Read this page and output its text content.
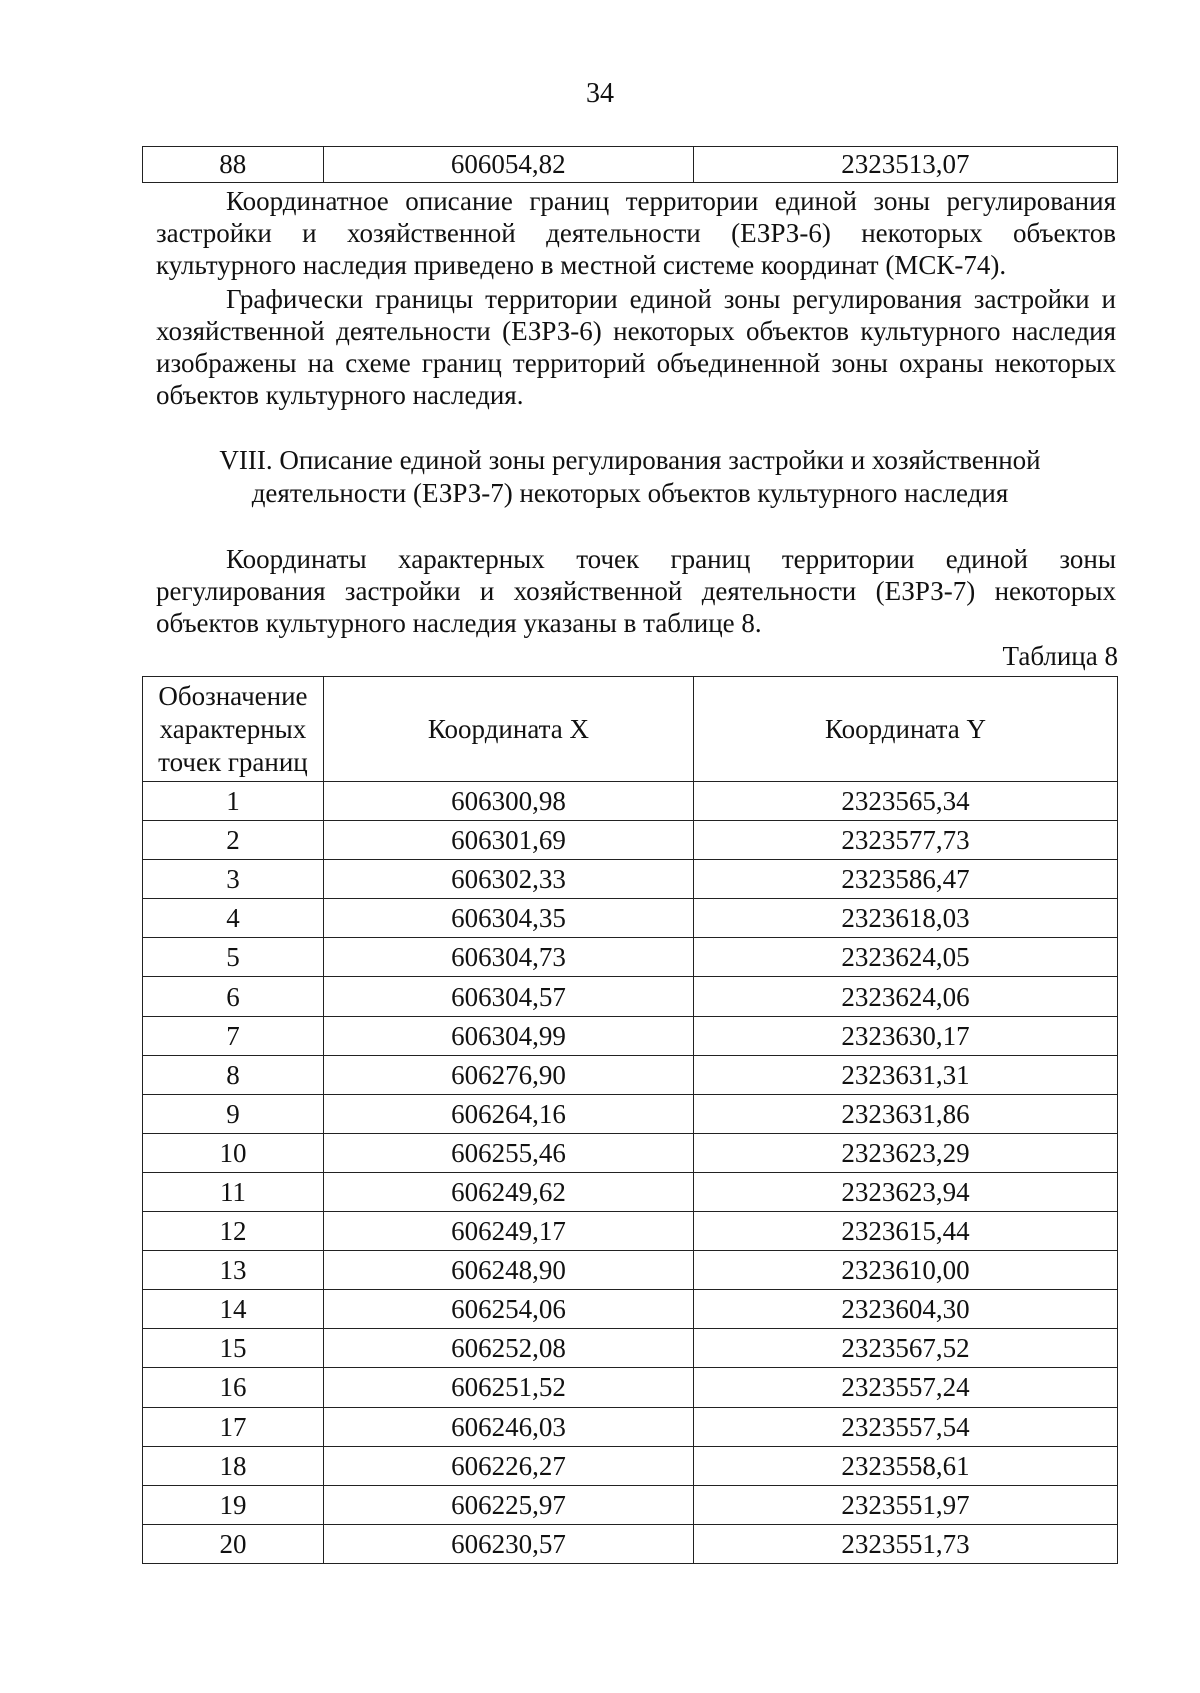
34
88	606054,82	2323513,07

Координатное описание границ территории единой зоны регулирования застройки и хозяйственной деятельности (ЕЗРЗ-6) некоторых объектов культурного наследия приведено в местной системе координат (МСК-74).

Графически границы территории единой зоны регулирования застройки и хозяйственной деятельности (ЕЗРЗ-6) некоторых объектов культурного наследия изображены на схеме границ территорий объединенной зоны охраны некоторых объектов культурного наследия.

VIII. Описание единой зоны регулирования застройки и хозяйственной
деятельности (ЕЗРЗ-7) некоторых объектов культурного наследия

Координаты характерных точек границ территории единой зоны регулирования застройки и хозяйственной деятельности (ЕЗРЗ-7) некоторых объектов культурного наследия указаны в таблице 8.

Таблица 8
Обозначение характерных точек границ	Координата X	Координата Y
1	606300,98	2323565,34
2	606301,69	2323577,73
3	606302,33	2323586,47
4	606304,35	2323618,03
5	606304,73	2323624,05
6	606304,57	2323624,06
7	606304,99	2323630,17
8	606276,90	2323631,31
9	606264,16	2323631,86
10	606255,46	2323623,29
11	606249,62	2323623,94
12	606249,17	2323615,44
13	606248,90	2323610,00
14	606254,06	2323604,30
15	606252,08	2323567,52
16	606251,52	2323557,24
17	606246,03	2323557,54
18	606226,27	2323558,61
19	606225,97	2323551,97
20	606230,57	2323551,73
